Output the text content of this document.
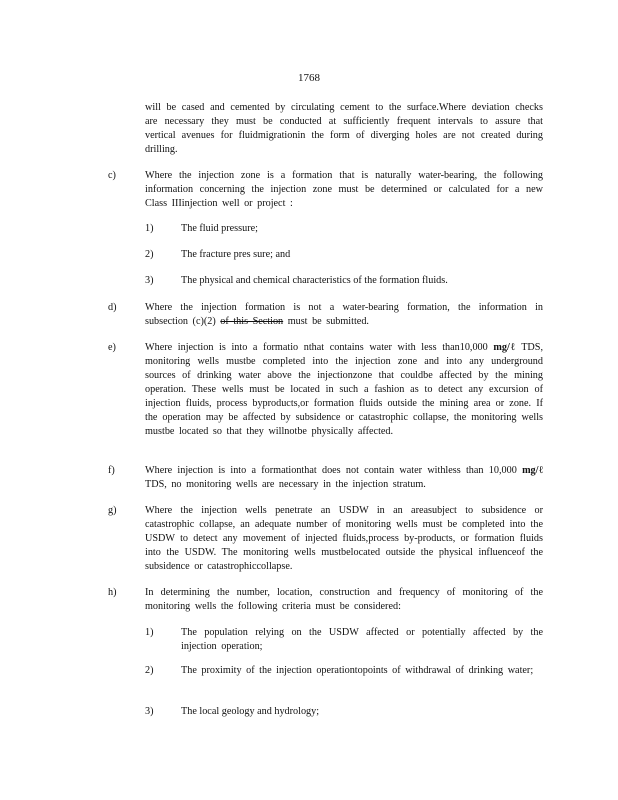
1768
will be cased and cemented by circulating cement to the surface.Where deviation checks are necessary they must be conducted at sufficiently frequent intervals to assure that vertical avenues for fluidmigrationin the form of diverging holes are not created during drilling.
c)	Where the injection zone is a formation that is naturally water-bearing, the following information concerning the injection zone must be determined or calculated for a new Class IIIinjection well or project :
1)	The fluid pressure;
2)	The fracture pres sure; and
3)	The physical and chemical characteristics of the formation fluids.
d)	Where the injection formation is not a water-bearing formation, the information in subsection (c)(2) of this Section must be submitted.
e)	Where injection is into a formatio nthat contains water with less than10,000 mg/ℓ TDS, monitoring wells mustbe completed into the injection zone and into any underground sources of drinking water above the injectionzone that couldbe affected by the mining operation. These wells must be located in such a fashion as to detect any excursion of injection fluids, process byproducts,or formation fluids outside the mining area or zone. If the operation may be affected by subsidence or catastrophic collapse, the monitoring wells mustbe located so that they willnotbe physically affected.
f)	Where injection is into a formationthat does not contain water withless than 10,000 mg/ℓ TDS, no monitoring wells are necessary in the injection stratum.
g)	Where the injection wells penetrate an USDW in an areasubject to subsidence or catastrophic collapse, an adequate number of monitoring wells must be completed into the USDW to detect any movement of injected fluids,process by-products, or formation fluids into the USDW. The monitoring wells mustbelocated outside the physical influenceof the subsidence or catastrophiccollapse.
h)	In determining the number, location, construction and frequency of monitoring of the monitoring wells the following criteria must be considered:
1)	The population relying on the USDW affected or potentially affected by the injection operation;
2)	The proximity of the injection operationtopoints of withdrawal of drinking water;
3)	The local geology and hydrology;
